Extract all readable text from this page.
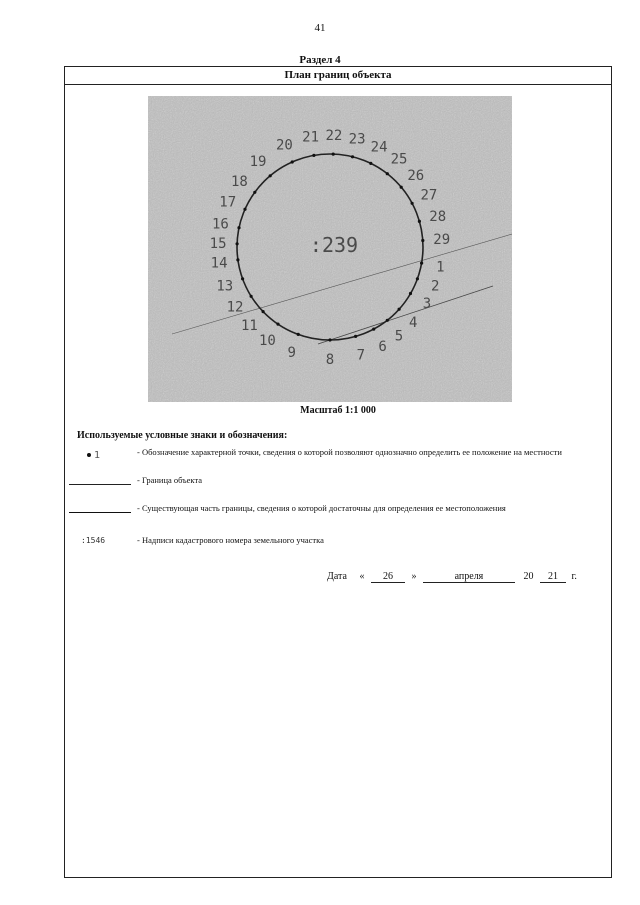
41
Раздел 4
План границ объекта
:239
1
2
3
4
5
6
7
8
9
10
11
12
13
14
15
16
17
18
19
20 21 22 23 24
25
26
27
28
29
Масштаб 1:1 000
Используемые условные знаки и обозначения:
1	- Обозначение характерной точки, сведения о которой позволяют однозначно определить ее положение на местности
- Граница объекта
- Существующая часть границы, сведения о которой достаточны для определения ее местоположения
:1546	- Надписи кадастрового номера земельного участка
Дата « 26 »	апреля	20 21 г.
